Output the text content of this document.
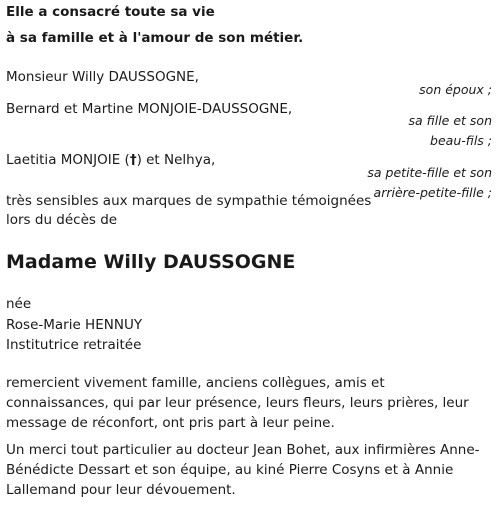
Elle a consacré toute sa vie
à sa famille et à l'amour de son métier.
Monsieur Willy DAUSSOGNE,
son époux ;
Bernard et Martine MONJOIE-DAUSSOGNE,
sa fille et son
beau-fils ;
Laetitia MONJOIE (†) et Nelhya,
sa petite-fille et son
arrière-petite-fille ;
très sensibles aux marques de sympathie témoignées
lors du décès de
Madame Willy DAUSSOGNE
née
Rose-Marie HENNUY
Institutrice retraitée
remercient vivement famille, anciens collègues, amis et connaissances, qui par leur présence, leurs fleurs, leurs prières, leur message de réconfort, ont pris part à leur peine.
Un merci tout particulier au docteur Jean Bohet, aux infirmières Anne-Bénédicte Dessart et son équipe, au kiné Pierre Cosyns et à Annie Lallemand pour leur dévouement.
